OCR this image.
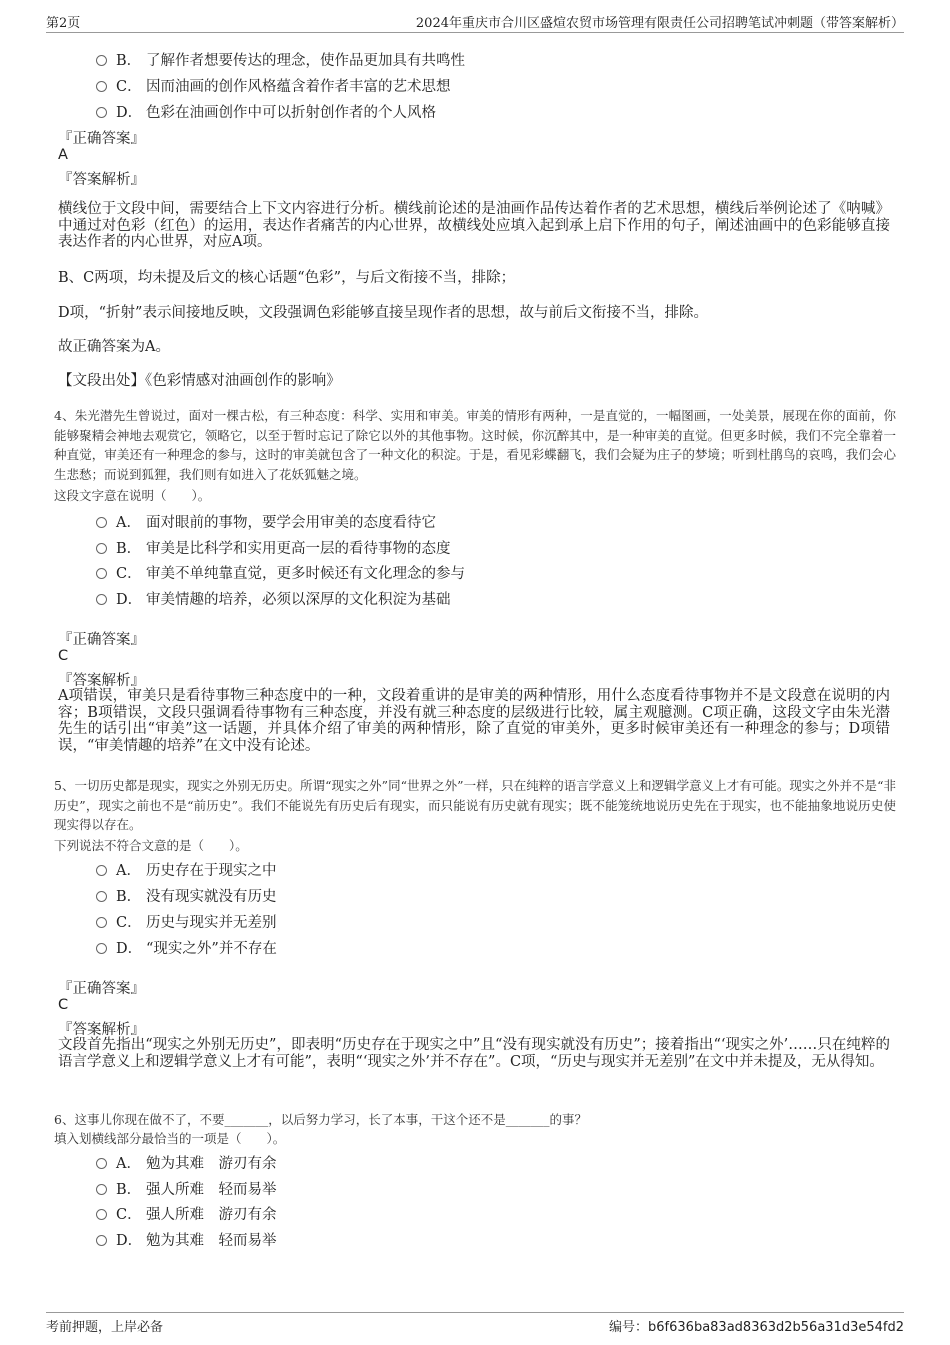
第2页	2024年重庆市合川区盛煊农贸市场管理有限责任公司招聘笔试冲刺题（带答案解析）
B． 了解作者想要传达的理念，使作品更加具有共鸣性
C． 因而油画的创作风格蕴含着作者丰富的艺术思想
D． 色彩在油画创作中可以折射创作者的个人风格
『正确答案』
A
『答案解析』
横线位于文段中间，需要结合上下文内容进行分析。横线前论述的是油画作品传达着作者的艺术思想，横线后举例论述了《呐喊》中通过对色彩（红色）的运用，表达作者痛苦的内心世界，故横线处应填入起到承上启下作用的句子，阐述油画中的色彩能够直接表达作者的内心世界，对应A项。
B、C两项，均未提及后文的核心话题“色彩”，与后文衔接不当，排除；
D项，“折射”表示间接地反映，文段强调色彩能够直接呈现作者的思想，故与前后文衔接不当，排除。
故正确答案为A。
【文段出处】《色彩情感对油画创作的影响》
4、朱光潜先生曾说过，面对一棵古松，有三种态度：科学、实用和审美。审美的情形有两种，一是直觉的，一幅图画，一处美景，展现在你的面前，你能够聚精会神地去观赏它，领略它，以至于暂时忘记了除它以外的其他事物。这时候，你沉醉其中，是一种审美的直觉。但更多时候，我们不完全靠着一种直觉，审美还有一种理念的参与，这时的审美就包含了一种文化的积淀。于是，看见彩蝶翻飞，我们会疑为庄子的梦境；听到杜鹃鸟的哀鸣，我们会心生悲愁；而说到狐狸，我们则有如进入了花妖狐魅之境。
这段文字意在说明（　　）。
A． 面对眼前的事物，要学会用审美的态度看待它
B． 审美是比科学和实用更高一层的看待事物的态度
C． 审美不单纯靠直觉，更多时候还有文化理念的参与
D． 审美情趣的培养，必须以深厚的文化积淀为基础
『正确答案』
C
『答案解析』
A项错误，审美只是看待事物三种态度中的一种，文段着重讲的是审美的两种情形，用什么态度看待事物并不是文段意在说明的内容；B项错误，文段只强调看待事物有三种态度，并没有就三种态度的层级进行比较，属主观臆测。C项正确，这段文字由朱光潜先生的话引出“审美”这一话题，并具体介绍了审美的两种情形，除了直觉的审美外，更多时候审美还有一种理念的参与；D项错误，“审美情趣的培养”在文中没有论述。
5、一切历史都是现实，现实之外别无历史。所谓“现实之外”同“世界之外”一样，只在纯粹的语言学意义上和逻辑学意义上才有可能。现实之外并不是“非历史”，现实之前也不是“前历史”。我们不能说先有历史后有现实，而只能说有历史就有现实；既不能笼统地说历史先在于现实，也不能抽象地说历史使现实得以存在。
下列说法不符合文意的是（　　）。
A． 历史存在于现实之中
B． 没有现实就没有历史
C． 历史与现实并无差别
D． “现实之外”并不存在
『正确答案』
C
『答案解析』
文段首先指出“现实之外别无历史”，即表明“历史存在于现实之中”且“没有现实就没有历史”；接着指出“‘现实之外’……只在纯粹的语言学意义上和逻辑学意义上才有可能”，表明“‘现实之外’并不存在”。C项，“历史与现实并无差别”在文中并未提及，无从得知。
6、这事儿你现在做不了，不要_______，以后努力学习，长了本事，干这个还不是_______的事？
填入划横线部分最恰当的一项是（　　）。
A． 勉为其难　游刃有余
B． 强人所难　轻而易举
C． 强人所难　游刃有余
D． 勉为其难　轻而易举
考前押题，上岸必备	编号：b6f636ba83ad8363d2b56a31d3e54fd2
